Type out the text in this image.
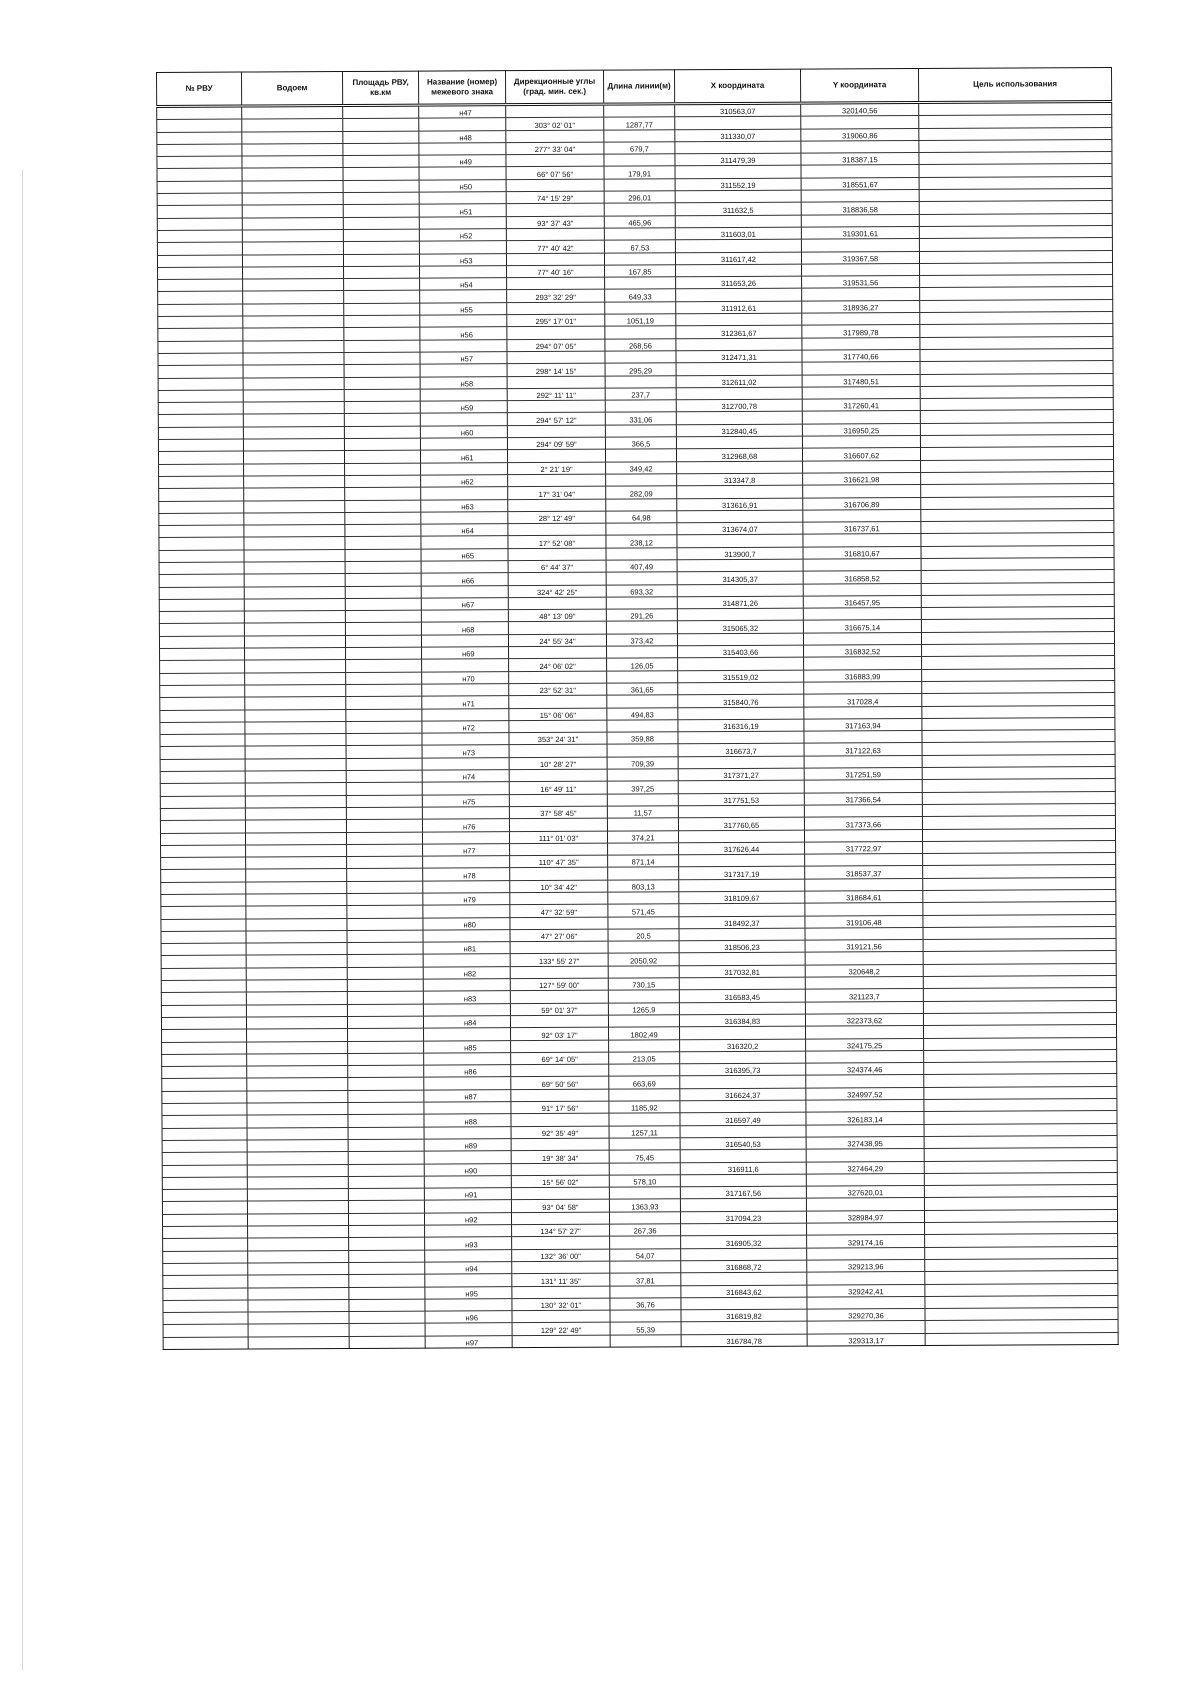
№ РВУ	Водоем	Площадь РВУ, кв.км	Название (номер) межевого знака	Дирекционные углы (град. мин. сек.)	Длина линии(м)	X координата	Y координата	Цель использования
			н47			310563,07	320140,56	
				303° 02' 01"	1287,77			
			н48			311330,07	319060,86	
				277° 33' 04"	679,7			
			н49			311479,39	318387,15	
				66° 07' 56"	179,91			
			н50			311552,19	318551,67	
				74° 15' 29"	296,01			
			н51			311632,5	318836,58	
				93° 37' 43"	465,96			
			н52			311603,01	319301,61	
				77° 40' 42"	67,53			
			н53			311617,42	319367,58	
				77° 40' 16"	167,85			
			н54			311653,26	319531,56	
				293° 32' 29"	649,33			
			н55			311912,61	318936,27	
				295° 17' 01"	1051,19			
			н56			312361,67	317989,78	
				294° 07' 05"	268,56			
			н57			312471,31	317740,66	
				298° 14' 15"	295,29			
			н58			312611,02	317480,51	
				292° 11' 11"	237,7			
			н59			312700,78	317260,41	
				294° 57' 12"	331,06			
			н60			312840,45	316950,25	
				294° 09' 59"	366,5			
			н61			312968,68	316607,62	
				2° 21' 19"	349,42			
			н62			313347,8	316621,98	
				17° 31' 04"	282,09			
			н63			313616,91	316706,89	
				28° 12' 49"	64,98			
			н64			313674,07	316737,61	
				17° 52' 08"	238,12			
			н65			313900,7	316810,67	
				6° 44' 37"	407,49			
			н66			314305,37	316858,52	
				324° 42' 25"	693,32			
			н67			314871,26	316457,95	
				48° 13' 09"	291,26			
			н68			315065,32	316675,14	
				24° 55' 34"	373,42			
			н69			315403,66	316832,52	
				24° 06' 02"	126,05			
			н70			315519,02	316883,99	
				23° 52' 31"	361,65			
			н71			315840,76	317028,4	
				15° 06' 06"	494,83			
			н72			316316,19	317163,94	
				353° 24' 31"	359,88			
			н73			316673,7	317122,63	
				10° 28' 27"	709,39			
			н74			317371,27	317251,59	
				16° 49' 11"	397,25			
			н75			317751,53	317366,54	
				37° 58' 45"	11,57			
			н76			317760,65	317373,66	
				111° 01' 03"	374,21			
			н77			317626,44	317722,97	
				110° 47' 35"	871,14			
			н78			317317,19	318537,37	
				10° 34' 42"	803,13			
			н79			318109,67	318684,61	
				47° 32' 59"	571,45			
			н80			318492,37	319106,48	
				47° 27' 06"	20,5			
			н81			318506,23	319121,56	
				133° 55' 27"	2050,92			
			н82			317032,81	320648,2	
				127° 59' 00"	730,15			
			н83			316583,45	321123,7	
				59° 01' 37"	1265,9			
			н84			316384,83	322373,62	
				92° 03' 17"	1802,49			
			н85			316320,2	324175,25	
				69° 14' 05"	213,05			
			н86			316395,73	324374,46	
				69° 50' 56"	663,69			
			н87			316624,37	324997,52	
				91° 17' 56"	1185,92			
			н88			316597,49	326183,14	
				92° 35' 49"	1257,11			
			н89			316540,53	327438,95	
				19° 38' 34"	75,45			
			н90			316911,6	327464,29	
				15° 56' 02"	578,10			
			н91			317167,56	327620,01	
				93° 04' 58"	1363,93			
			н92			317094,23	328984,97	
				134° 57' 27"	267,36			
			н93			316905,32	329174,16	
				132° 36' 00"	54,07			
			н94			316868,72	329213,96	
				131° 11' 35"	37,81			
			н95			316843,62	329242,41	
				130° 32' 01"	36,76			
			н96			316819,82	329270,36	
				129° 22' 49"	55,39			
			н97			316784,78	329313,17	
